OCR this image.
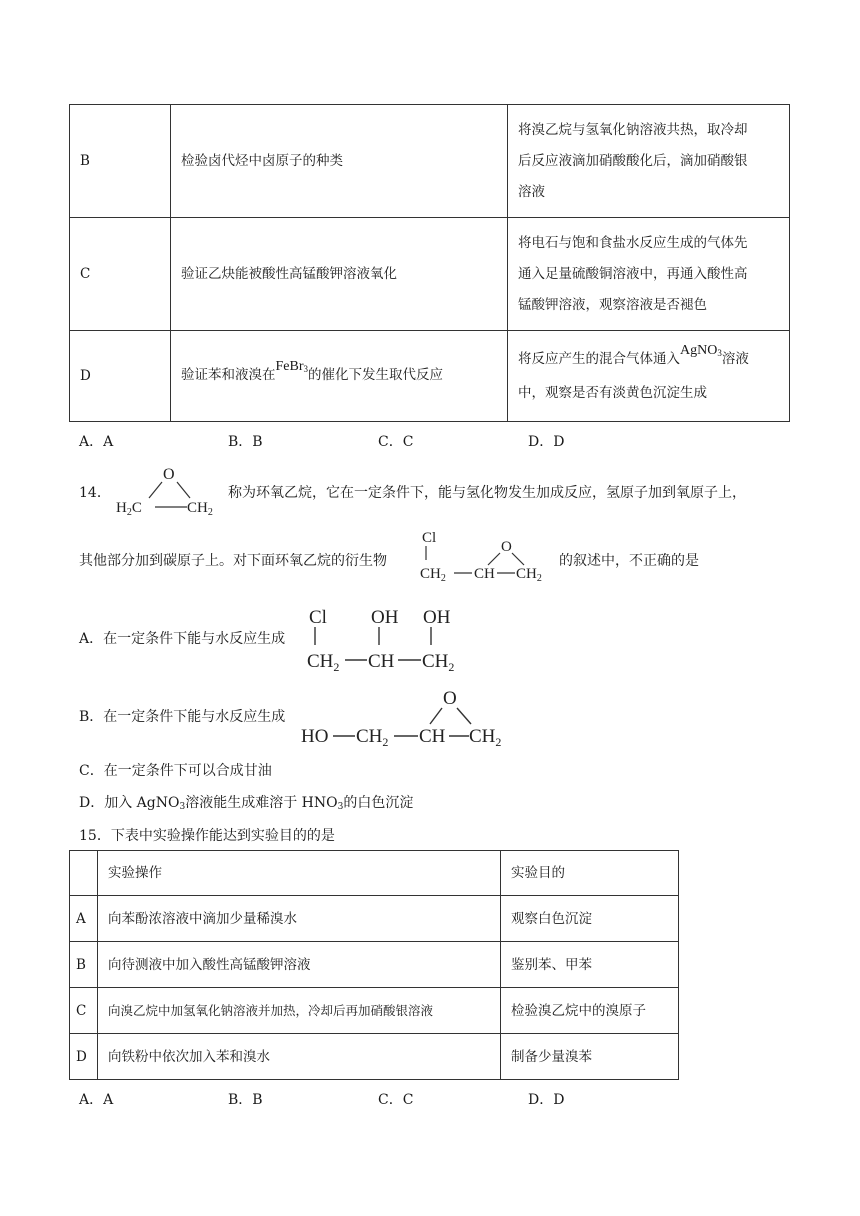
B	检验卤代烃中卤原子的种类	将溴乙烷与氢氧化钠溶液共热，取冷却
后反应液滴加硝酸酸化后，滴加硝酸银
溶液

C	验证乙炔能被酸性高锰酸钾溶液氧化	将电石与饱和食盐水反应生成的气体先
通入足量硫酸铜溶液中，再通入酸性高
锰酸钾溶液，观察溶液是否褪色

D	验证苯和液溴在FeBr$_3$的催化下发生取代反应	将反应产生的混合气体通入AgNO$_3$溶液
中，观察是否有淡黄色沉淀生成
A．A	B．B	C．C	D．D
14．
O
$H_2C$	$CH_2$
称为环氧乙烷，它在一定条件下，能与氢化物发生加成反应，氢原子加到氧原子上，
其他部分加到碳原子上。对下面环氧乙烷的衍生物
Cl
$CH_2$ CH $CH_2$
O
的叙述中，不正确的是
A．在一定条件下能与水反应生成
Cl OH OH
$CH_2$ CH $CH_2$
B．在一定条件下能与水反应生成
HO $CH_2$ CH $CH_2$
O
C．在一定条件下可以合成甘油
D．加入 AgNO$_3$溶液能生成难溶于 $HNO_3$的白色沉淀
15．下表中实验操作能达到实验目的的是
	实验操作	实验目的
A	向苯酚浓溶液中滴加少量稀溴水	观察白色沉淀
B	向待测液中加入酸性高锰酸钾溶液	鉴别苯、甲苯
C	向溴乙烷中加氢氧化钠溶液并加热，冷却后再加硝酸银溶液	检验溴乙烷中的溴原子
D	向铁粉中依次加入苯和溴水	制备少量溴苯
A．A	B．B	C．C	D．D
